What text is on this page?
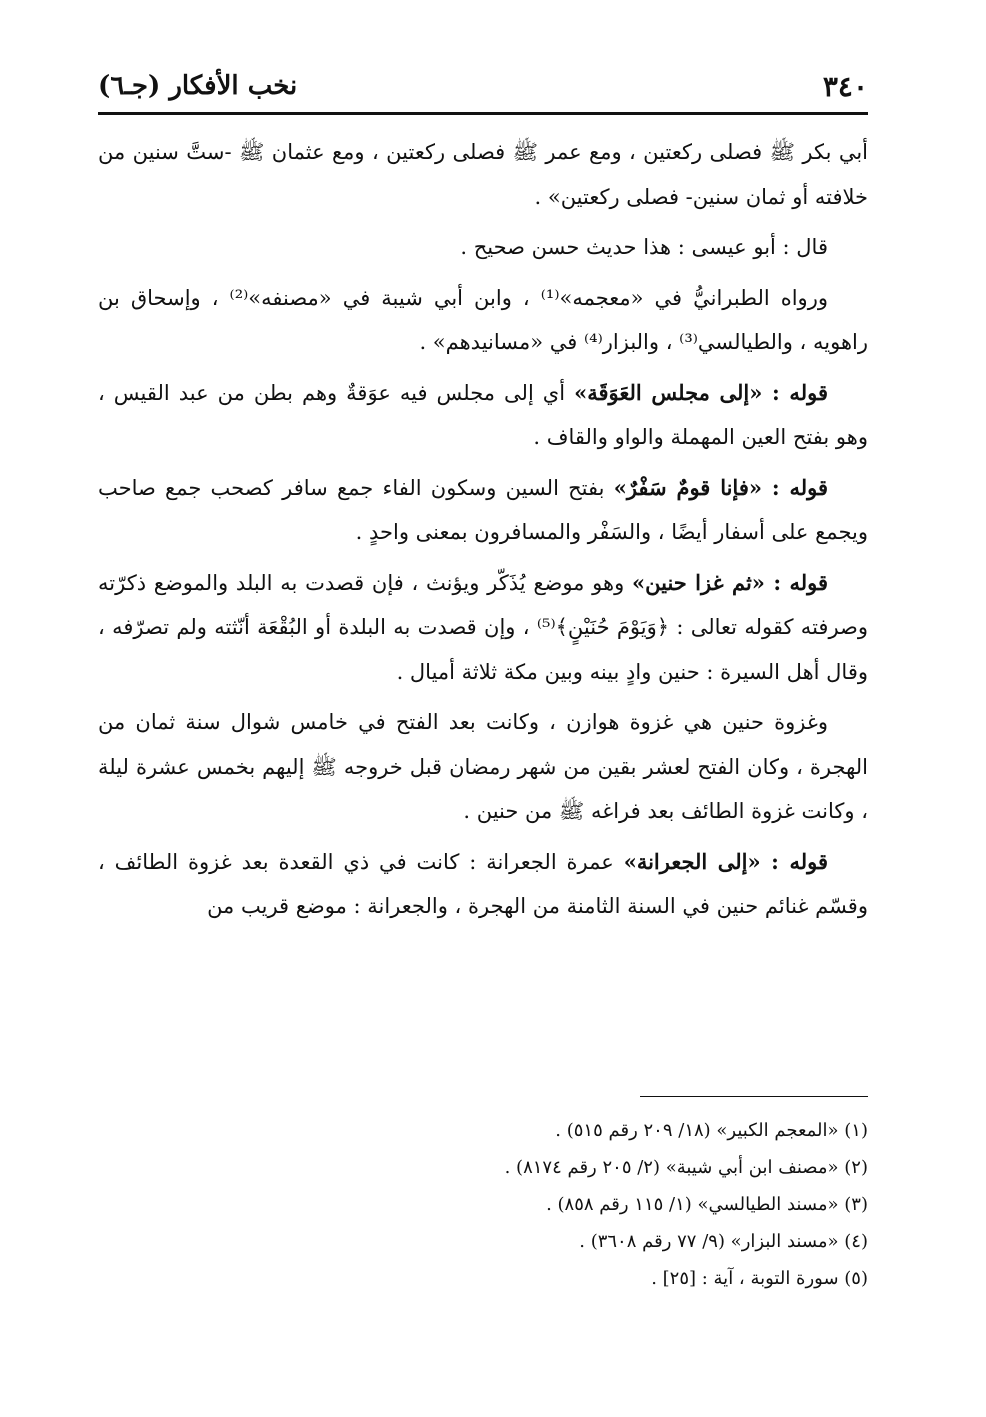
٣٤٠
نخب الأفكار (جـ٦)

أبي بكر ﷺ فصلى ركعتين ، ومع عمر ﷺ فصلى ركعتين ، ومع عثمان ﷺ -ستَّ سنين من خلافته أو ثمان سنين- فصلى ركعتين» .

قال : أبو عيسى : هذا حديث حسن صحيح .

ورواه الطبرانيُّ في «معجمه»⁽¹⁾ ، وابن أبي شيبة في «مصنفه»⁽²⁾ ، وإسحاق بن راهويه ، والطيالسي⁽³⁾ ، والبزار⁽⁴⁾ في «مسانيدهم» .

قوله : «إلى مجلس العَوَقَة» أي إلى مجلس فيه عوَقةٌ وهم بطن من عبد القيس ، وهو بفتح العين المهملة والواو والقاف .

قوله : «فإنا قومٌ سَفْرٌ» بفتح السين وسكون الفاء جمع سافر كصحب جمع صاحب ويجمع على أسفار أيضًا ، والسَفْر والمسافرون بمعنى واحدٍ .

قوله : «ثم غزا حنين» وهو موضع يُذَكّر ويؤنث ، فإن قصدت به البلد والموضع ذكرّته وصرفته كقوله تعالى : ﴿وَيَوْمَ حُنَيْنٍ﴾⁽⁵⁾ ، وإن قصدت به البلدة أو البُقْعَة أنّثته ولم تصرّفه ، وقال أهل السيرة : حنين وادٍ بينه وبين مكة ثلاثة أميال .

وغزوة حنين هي غزوة هوازن ، وكانت بعد الفتح في خامس شوال سنة ثمان من الهجرة ، وكان الفتح لعشر بقين من شهر رمضان قبل خروجه ﷺ إليهم بخمس عشرة ليلة ، وكانت غزوة الطائف بعد فراغه ﷺ من حنين .

قوله : «إلى الجعرانة» عمرة الجعرانة : كانت في ذي القعدة بعد غزوة الطائف ، وقسّم غنائم حنين في السنة الثامنة من الهجرة ، والجعرانة : موضع قريب من

(١) «المعجم الكبير» (١٨/ ٢٠٩ رقم ٥١٥) .

(٢) «مصنف ابن أبي شيبة» (٢/ ٢٠٥ رقم ٨١٧٤) .

(٣) «مسند الطيالسي» (١/ ١١٥ رقم ٨٥٨) .

(٤) «مسند البزار» (٩/ ٧٧ رقم ٣٦٠٨) .

(٥) سورة التوبة ، آية : [٢٥] .
